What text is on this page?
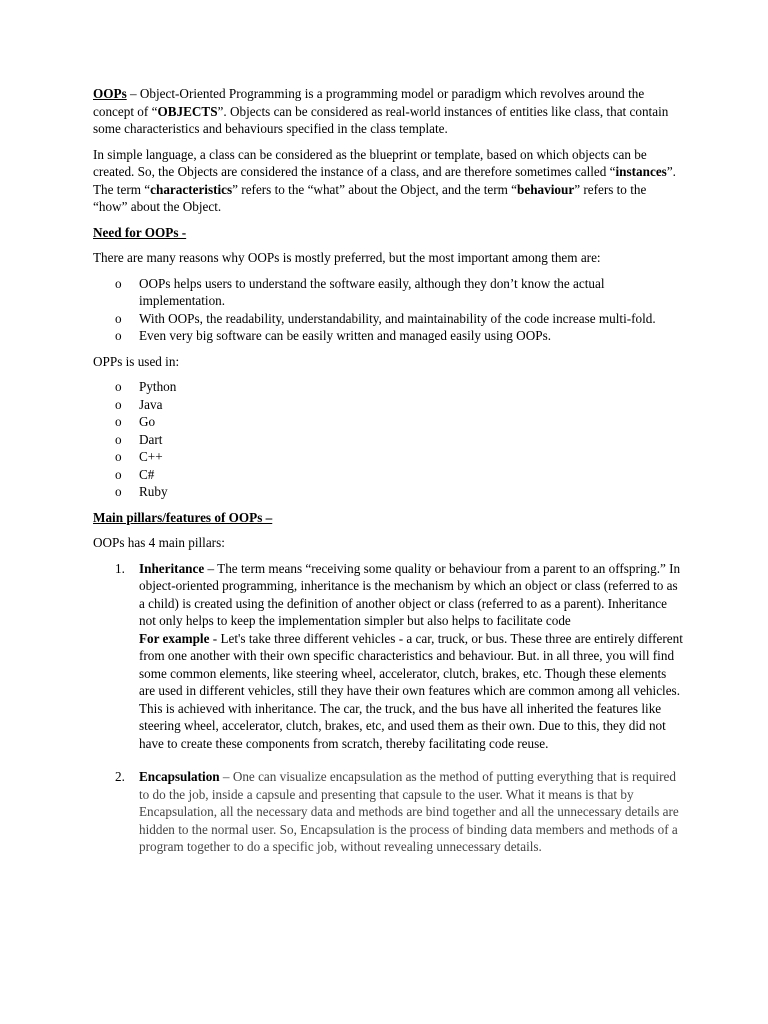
OOPs – Object-Oriented Programming is a programming model or paradigm which revolves around the concept of “OBJECTS”. Objects can be considered as real-world instances of entities like class, that contain some characteristics and behaviours specified in the class template.

In simple language, a class can be considered as the blueprint or template, based on which objects can be created. So, the Objects are considered the instance of a class, and are therefore sometimes called “instances”. The term “characteristics” refers to the “what” about the Object, and the term “behaviour” refers to the “how” about the Object.

Need for OOPs -

There are many reasons why OOPs is mostly preferred, but the most important among them are:

o OOPs helps users to understand the software easily, although they don’t know the actual implementation.
o With OOPs, the readability, understandability, and maintainability of the code increase multi-fold.
o Even very big software can be easily written and managed easily using OOPs.

OPPs is used in:

o Python
o Java
o Go
o Dart
o C++
o C#
o Ruby

Main pillars/features of OOPs –

OOPs has 4 main pillars:

1. Inheritance – The term means “receiving some quality or behaviour from a parent to an offspring.” In object-oriented programming, inheritance is the mechanism by which an object or class (referred to as a child) is created using the definition of another object or class (referred to as a parent). Inheritance not only helps to keep the implementation simpler but also helps to facilitate code

For example - Let's take three different vehicles - a car, truck, or bus. These three are entirely different from one another with their own specific characteristics and behaviour. But. in all three, you will find some common elements, like steering wheel, accelerator, clutch, brakes, etc. Though these elements are used in different vehicles, still they have their own features which are common among all vehicles. This is achieved with inheritance. The car, the truck, and the bus have all inherited the features like steering wheel, accelerator, clutch, brakes, etc, and used them as their own. Due to this, they did not have to create these components from scratch, thereby facilitating code reuse.

2. Encapsulation – One can visualize encapsulation as the method of putting everything that is required to do the job, inside a capsule and presenting that capsule to the user. What it means is that by Encapsulation, all the necessary data and methods are bind together and all the unnecessary details are hidden to the normal user. So, Encapsulation is the process of binding data members and methods of a program together to do a specific job, without revealing unnecessary details.
